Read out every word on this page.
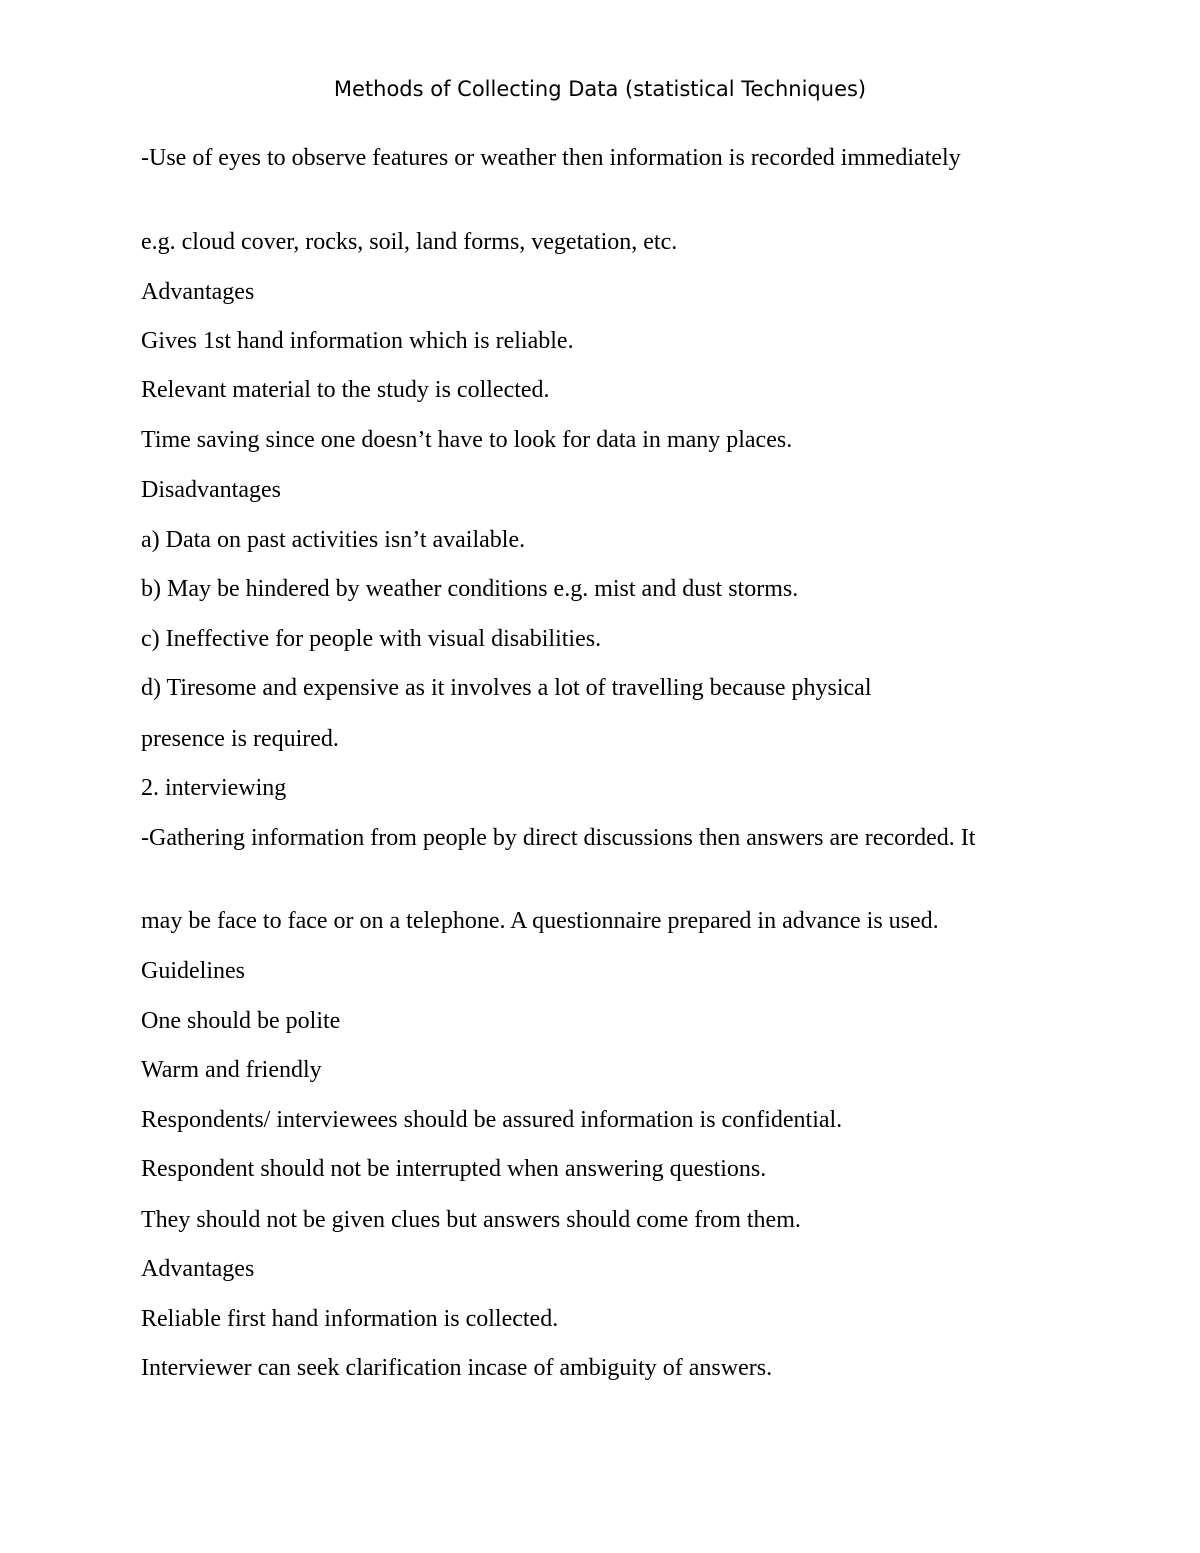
Methods of Collecting Data (statistical Techniques)

-Use of eyes to observe features or weather then information is recorded immediately

e.g. cloud cover, rocks, soil, land forms, vegetation, etc.

Advantages

Gives 1st hand information which is reliable.

Relevant material to the study is collected.

Time saving since one doesn’t have to look for data in many places.

Disadvantages

a) Data on past activities isn’t available.

b) May be hindered by weather conditions e.g. mist and dust storms.

c) Ineffective for people with visual disabilities.

d) Tiresome and expensive as it involves a lot of travelling because physical

presence is required.

2. interviewing

-Gathering information from people by direct discussions then answers are recorded. It

may be face to face or on a telephone. A questionnaire prepared in advance is used.

Guidelines

One should be polite

Warm and friendly

Respondents/ interviewees should be assured information is confidential.

Respondent should not be interrupted when answering questions.

They should not be given clues but answers should come from them.

Advantages

Reliable first hand information is collected.

Interviewer can seek clarification incase of ambiguity of answers.
